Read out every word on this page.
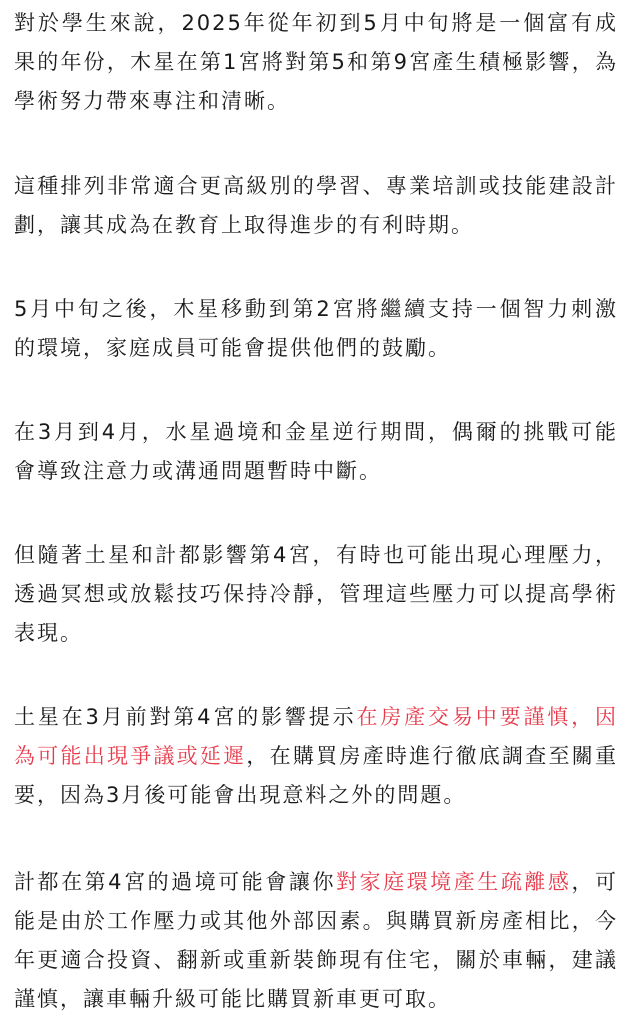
對於學生來說，2025年從年初到5月中旬將是一個富有成果的年份，木星在第1宮將對第5和第9宮產生積極影響，為學術努力帶來專注和清晰。

這種排列非常適合更高級別的學習、專業培訓或技能建設計劃，讓其成為在教育上取得進步的有利時期。

5月中旬之後，木星移動到第2宮將繼續支持一個智力刺激的環境，家庭成員可能會提供他們的鼓勵。

在3月到4月，水星過境和金星逆行期間，偶爾的挑戰可能會導致注意力或溝通問題暫時中斷。

但隨著土星和計都影響第4宮，有時也可能出現心理壓力，透過冥想或放鬆技巧保持冷靜，管理這些壓力可以提高學術表現。

土星在3月前對第4宮的影響提示在房產交易中要謹慎，因為可能出現爭議或延遲，在購買房產時進行徹底調查至關重要，因為3月後可能會出現意料之外的問題。

計都在第4宮的過境可能會讓你對家庭環境產生疏離感，可能是由於工作壓力或其他外部因素。與購買新房產相比，今年更適合投資、翻新或重新裝飾現有住宅，關於車輛，建議謹慎，讓車輛升級可能比購買新車更可取。
